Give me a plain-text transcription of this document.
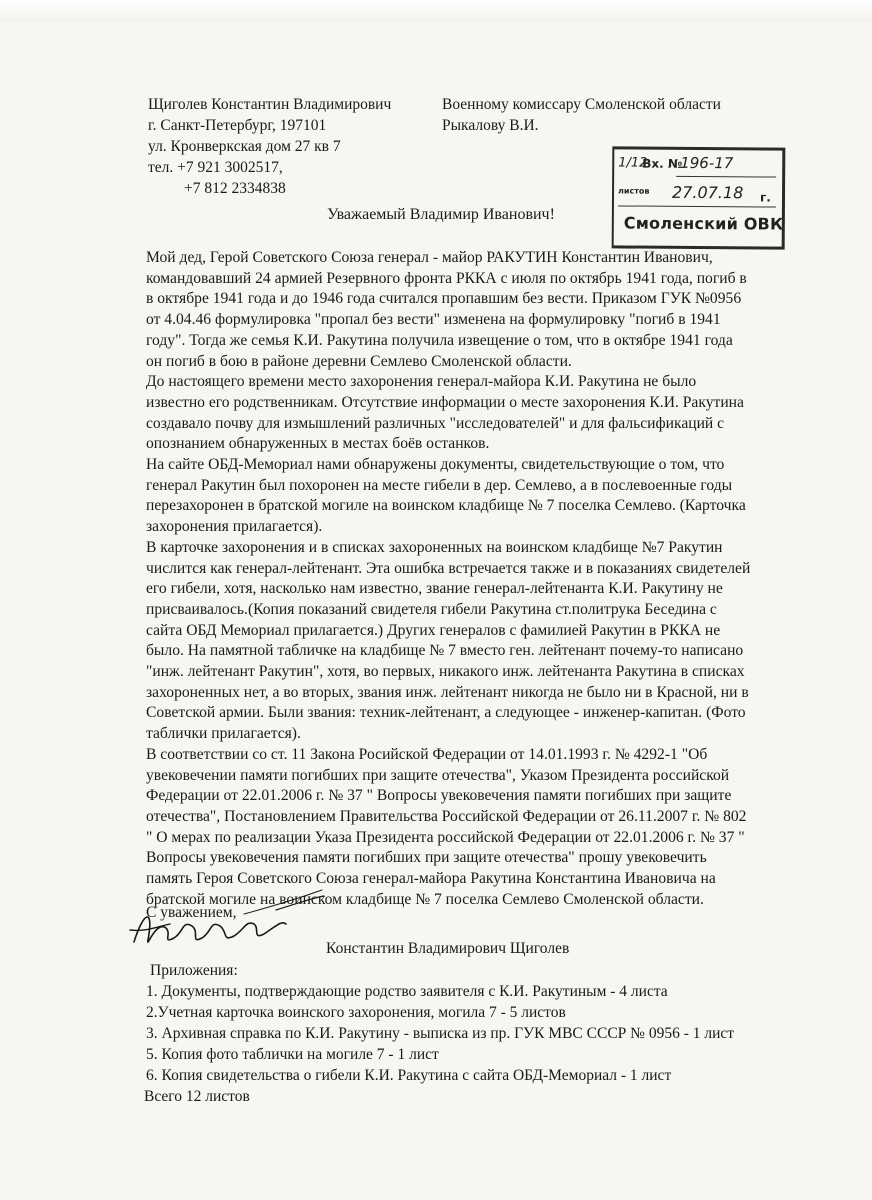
Щиголев Константин Владимирович
г. Санкт-Петербург, 197101
ул. Кронверкская дом 27 кв 7
тел. +7 921 3002517,
+7 812 2334838
Военному комиссару Смоленской области
Рыкалову В.И.
1/12
Вх. №
196-17
листов 27.07.18 г.
Смоленский ОВК
Уважаемый Владимир Иванович!

Мой дед, Герой Советского Союза генерал - майор РАКУТИН Константин Иванович,
командовавший 24 армией Резервного фронта РККА с июля по октябрь 1941 года, погиб в
в октябре 1941 года и до 1946 года считался пропавшим без вести. Приказом ГУК №0956
от 4.04.46 формулировка "пропал без вести" изменена на формулировку "погиб в 1941
году". Тогда же семья К.И. Ракутина получила извещение о том, что в октябре 1941 года
он погиб в бою в районе деревни Семлево Смоленской области.

До настоящего времени место захоронения генерал-майора К.И. Ракутина не было
известно его родственникам. Отсутствие информации о месте захоронения К.И. Ракутина
создавало почву для измышлений различных "исследователей" и для фальсификаций с
опознанием обнаруженных в местах боёв останков.

На сайте ОБД-Мемориал нами обнаружены документы, свидетельствующие о том, что
генерал Ракутин был похоронен на месте гибели в дер. Семлево, а в послевоенные годы
перезахоронен в братской могиле на воинском кладбище № 7 поселка Семлево. (Карточка
захоронения прилагается).

В карточке захоронения и в списках захороненных на воинском кладбище №7 Ракутин
числится как генерал-лейтенант. Эта ошибка встречается также и в показаниях свидетелей
его гибели, хотя, насколько нам известно, звание генерал-лейтенанта К.И. Ракутину не
присваивалось.(Копия показаний свидетеля гибели Ракутина ст.политрука Беседина с
сайта ОБД Мемориал прилагается.) Других генералов с фамилией Ракутин в РККА не
было. На памятной табличке на кладбище № 7 вместо ген. лейтенант почему-то написано
"инж. лейтенант Ракутин", хотя, во первых, никакого инж. лейтенанта Ракутина в списках
захороненных нет, а во вторых, звания инж. лейтенант никогда не было ни в Красной, ни в
Советской армии. Были звания: техник-лейтенант, а следующее - инженер-капитан. (Фото
таблички прилагается).

В соответствии со ст. 11 Закона Росийской Федерации от 14.01.1993 г. № 4292-1 "Об
увековечении памяти погибших при защите отечества", Указом Президента российской
Федерации от 22.01.2006 г. № 37 " Вопросы увековечения памяти погибших при защите
отечества", Постановлением Правительства Российской Федерации от 26.11.2007 г. № 802
" О мерах по реализации Указа Президента российской Федерации от 22.01.2006 г. № 37 "
Вопросы увековечения памяти погибших при защите отечества" прошу увековечить
память Героя Советского Союза генерал-майора Ракутина Константина Ивановича на
братской могиле на воинском кладбище № 7 поселка Семлево Смоленской области.

С уважением,
Константин Владимирович Щиголев
Приложения:
1. Документы, подтверждающие родство заявителя с К.И. Ракутиным - 4 листа
2.Учетная карточка воинского захоронения, могила 7 - 5 листов
3. Архивная справка по К.И. Ракутину - выписка из пр. ГУК МВС СССР № 0956 - 1 лист
5. Копия фото таблички на могиле 7 - 1 лист
6. Копия свидетельства о гибели К.И. Ракутина с сайта ОБД-Мемориал - 1 лист
Всего 12 листов
